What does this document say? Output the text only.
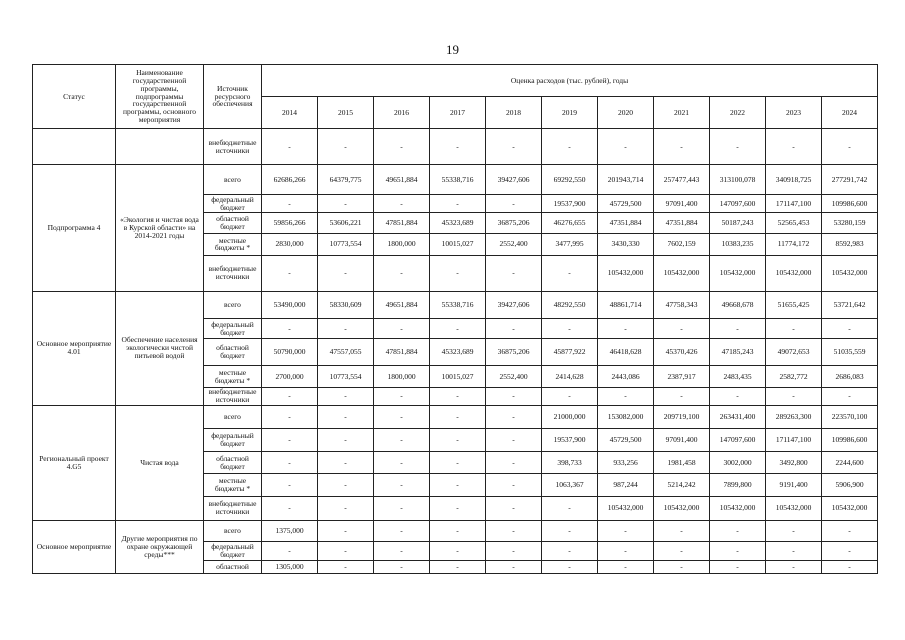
19
Статус	Наименование государственной программы, подпрограммы государственной программы, основного мероприятия	Источник ресурсного обеспечения	Оценка расходов (тыс. рублей), годы										
			2014	2015	2016	2017	2018	2019	2020	2021	2022	2023	2024
		внебюджетные источники	-	-	-	-	-	-	-	-	-	-	-
Подпрограмма 4	«Экология и чистая вода в Курской области» на 2014-2021 годы	всего	62686,266	64379,775	49651,884	55338,716	39427,606	69292,550	201943,714	257477,443	313100,078	340918,725	277291,742
		федеральный бюджет	-	-	-	-	-	19537,900	45729,500	97091,400	147097,600	171147,100	109986,600
		областной бюджет	59856,266	53606,221	47851,884	45323,689	36875,206	46276,655	47351,884	47351,884	50187,243	52565,453	53280,159
		местные бюджеты *	2830,000	10773,554	1800,000	10015,027	2552,400	3477,995	3430,330	7602,159	10383,235	11774,172	8592,983
		внебюджетные источники	-	-	-	-	-	-	105432,000	105432,000	105432,000	105432,000	105432,000
Основное мероприятие 4.01	Обеспечение населения экологически чистой питьевой водой	всего	53490,000	58330,609	49651,884	55338,716	39427,606	48292,550	48861,714	47758,343	49668,678	51655,425	53721,642
		федеральный бюджет	-	-	-	-	-	-	-	-	-	-	-
		областной бюджет	50790,000	47557,055	47851,884	45323,689	36875,206	45877,922	46418,628	45370,426	47185,243	49072,653	51035,559
		местные бюджеты *	2700,000	10773,554	1800,000	10015,027	2552,400	2414,628	2443,086	2387,917	2483,435	2582,772	2686,083
		внебюджетные источники	-	-	-	-	-	-	-	-	-	-	-
Региональный проект 4.G5	Чистая вода	всего	-	-	-	-	-	21000,000	153082,000	209719,100	263431,400	289263,300	223570,100
		федеральный бюджет	-	-	-	-	-	19537,900	45729,500	97091,400	147097,600	171147,100	109986,600
		областной бюджет	-	-	-	-	-	398,733	933,256	1981,458	3002,000	3492,800	2244,600
		местные бюджеты *	-	-	-	-	-	1063,367	987,244	5214,242	7899,800	9191,400	5906,900
		внебюджетные источники	-	-	-	-	-	-	105432,000	105432,000	105432,000	105432,000	105432,000
Основное мероприятие	Другие мероприятия по охране окружающей среды***	всего	1375,000	-	-	-	-	-	-	-	-	-	-
		федеральный бюджет	-	-	-	-	-	-	-	-	-	-	-
		областной	1305,000	-	-	-	-	-	-	-	-	-	-
